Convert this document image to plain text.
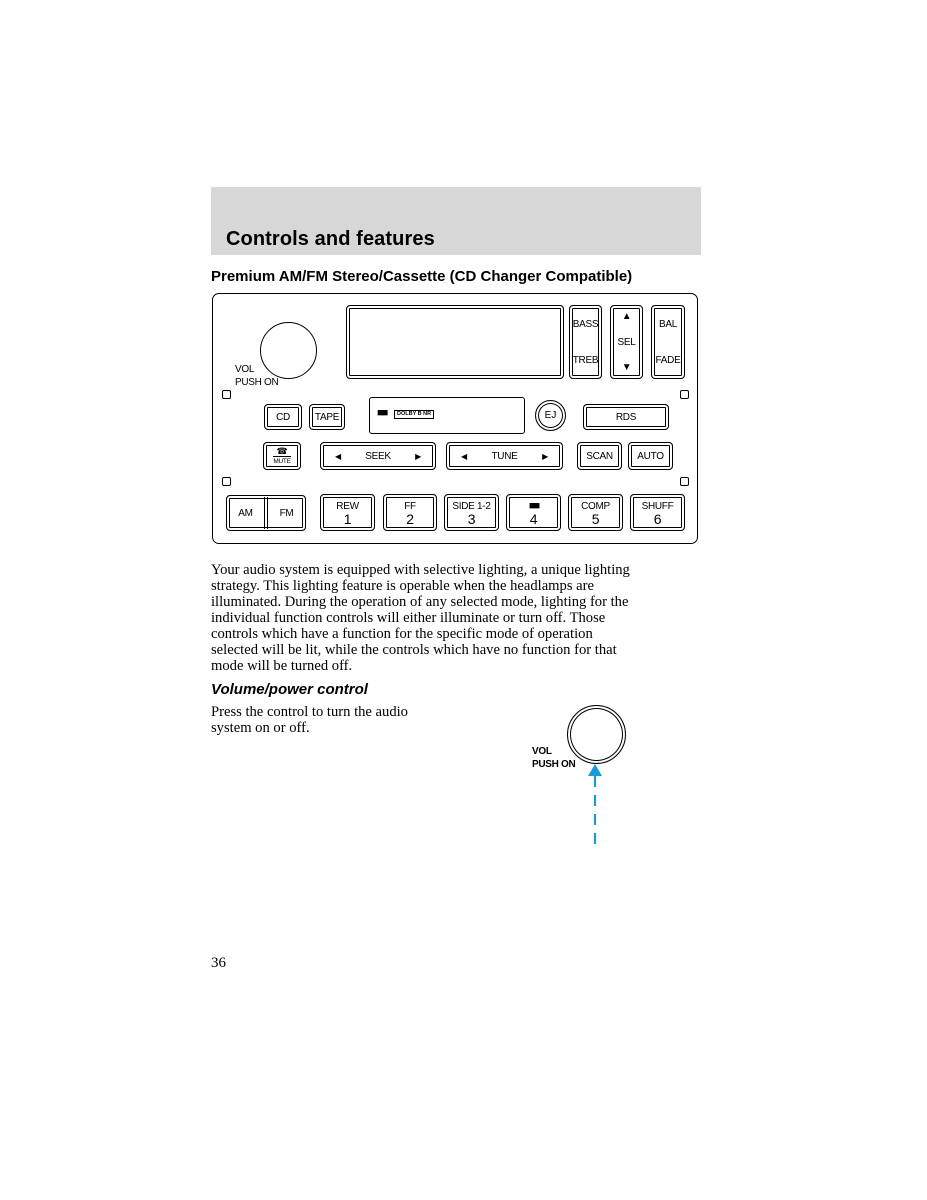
Controls and features
Premium AM/FM Stereo/Cassette (CD Changer Compatible)
VOL
PUSH ON
BASS
TREB
▲
SEL
▼
BAL
FADE
CD TAPE	■■	DOLBY B NR	EJ	RDS
☎
MUTE
◀ SEEK	▶	◀ TUNE	▶	SCAN AUTO
AM	FM
REW
1
FF
2
SIDE 1-2
3
■■
4
COMP
5
SHUFF
6
Your audio system is equipped with selective lighting, a unique lighting
strategy. This lighting feature is operable when the headlamps are
illuminated. During the operation of any selected mode, lighting for the
individual function controls will either illuminate or turn off. Those
controls which have a function for the specific mode of operation
selected will be lit, while the controls which have no function for that
mode will be turned off.
Volume/power control
Press the control to turn the audio
system on or off.
VOL
PUSH ON
36
